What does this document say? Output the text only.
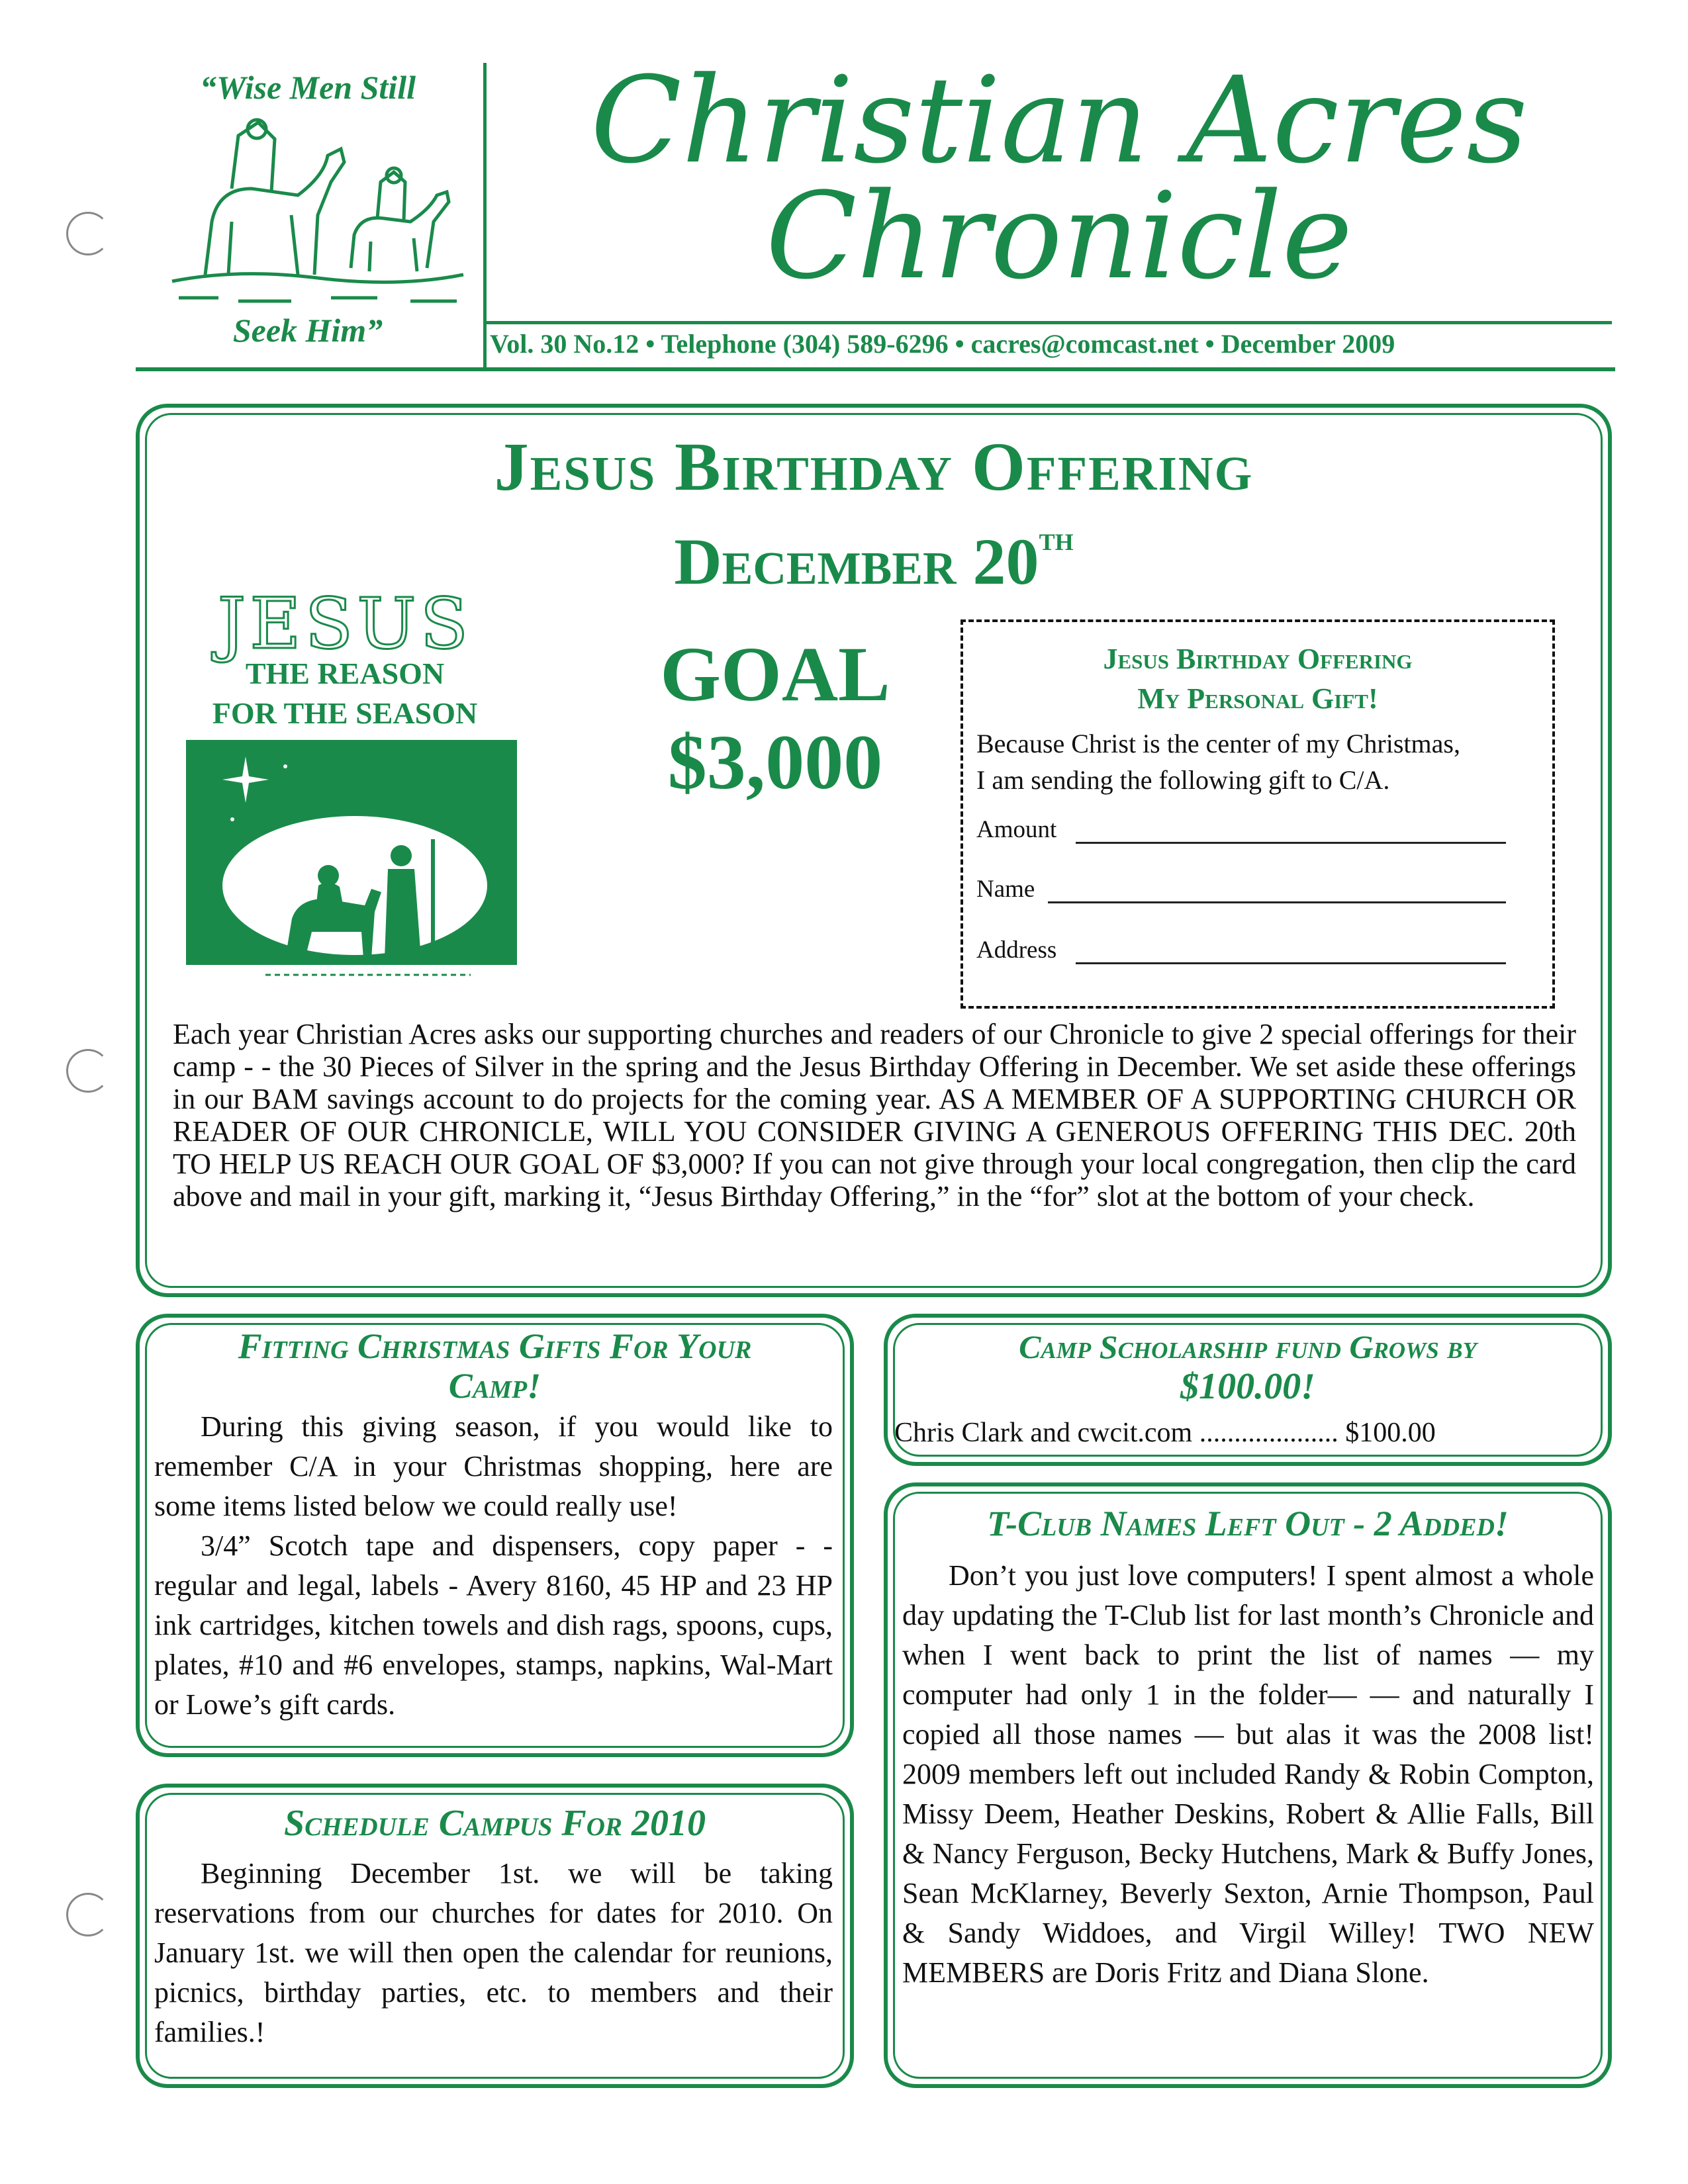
“Wise Men Still
Seek Him”
Christian Acres
Chronicle
Vol. 30 No.12 • Telephone (304) 589-6296 • cacres@comcast.net • December 2009
Jesus Birthday Offering
December 20th
JESUS
THE REASON
FOR THE SEASON	GOAL
$3,000
Jesus Birthday Offering
My Personal Gift!
Because Christ is the center of my Christmas,
I am sending the following gift to C/A.
Amount
Name
Address
Each year Christian Acres asks our supporting churches and readers of our Chronicle to give 2 special offerings for their camp - - the 30 Pieces of Silver in the spring and the Jesus Birthday Offering in December. We set aside these offerings in our BAM savings account to do projects for the coming year. AS A MEMBER OF A SUPPORTING CHURCH OR READER OF OUR CHRONICLE, WILL YOU CONSIDER GIVING A GENEROUS OFFERING THIS DEC. 20th TO HELP US REACH OUR GOAL OF $3,000? If you can not give through your local congregation, then clip the card above and mail in your gift, marking it, “Jesus Birthday Offering,” in the “for” slot at the bottom of your check.
Fitting Christmas Gifts For Your
Camp!
During this giving season, if you would like to remember C/A in your Christmas shopping, here are some items listed below we could really use!
3/4” Scotch tape and dispensers, copy paper - - regular and legal, labels - Avery 8160, 45 HP and 23 HP ink cartridges, kitchen towels and dish rags, spoons, cups, plates, #10 and #6 envelopes, stamps, napkins, Wal-Mart or Lowe’s gift cards.
Schedule Campus For 2010
Beginning December 1st. we will be taking reservations from our churches for dates for 2010. On January 1st. we will then open the calendar for reunions, picnics, birthday parties, etc. to members and their families.!
Camp Scholarship fund Grows by
$100.00!
Chris Clark and cwcit.com .................... $100.00
T-Club Names Left Out - 2 Added!
Don’t you just love computers! I spent almost a whole day updating the T-Club list for last month’s Chronicle and when I went back to print the list of names — my computer had only 1 in the folder— — and naturally I copied all those names — but alas it was the 2008 list! 2009 members left out included Randy & Robin Compton, Missy Deem, Heather Deskins, Robert & Allie Falls, Bill & Nancy Ferguson, Becky Hutchens, Mark & Buffy Jones, Sean McKlarney, Beverly Sexton, Arnie Thompson, Paul & Sandy Widdoes, and Virgil Willey! TWO NEW MEMBERS are Doris Fritz and Diana Slone.
